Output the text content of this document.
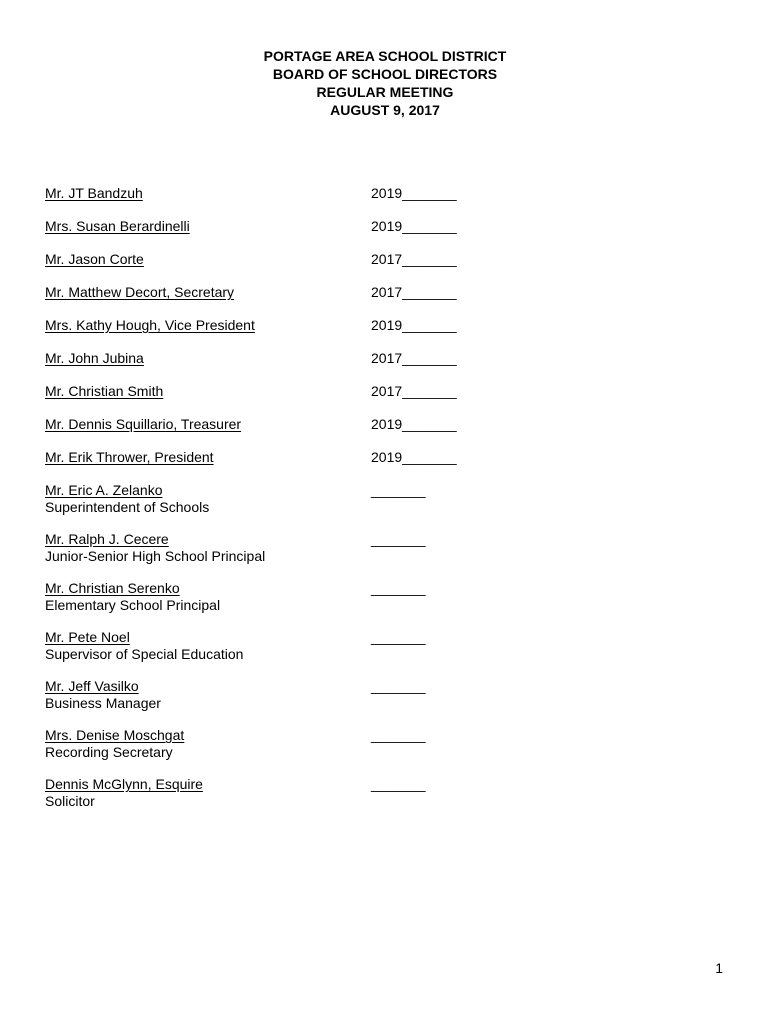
PORTAGE AREA SCHOOL DISTRICT
BOARD OF SCHOOL DIRECTORS
REGULAR MEETING
AUGUST 9, 2017
Mr. JT Bandzuh	2019_______
Mrs. Susan Berardinelli	2019_______
Mr. Jason Corte	2017_______
Mr. Matthew Decort, Secretary	2017_______
Mrs. Kathy Hough, Vice President	2019_______
Mr. John Jubina	2017_______
Mr. Christian Smith	2017_______
Mr. Dennis Squillario, Treasurer	2019_______
Mr. Erik Thrower, President	2019_______
Mr. Eric A. Zelanko
Superintendent of Schools
_______
Mr. Ralph J. Cecere
Junior-Senior High School Principal
_______
Mr. Christian Serenko
Elementary School Principal
_______
Mr. Pete Noel
Supervisor of Special Education
_______
Mr. Jeff Vasilko
Business Manager
_______
Mrs. Denise Moschgat
Recording Secretary
_______
Dennis McGlynn, Esquire
Solicitor
_______
1
